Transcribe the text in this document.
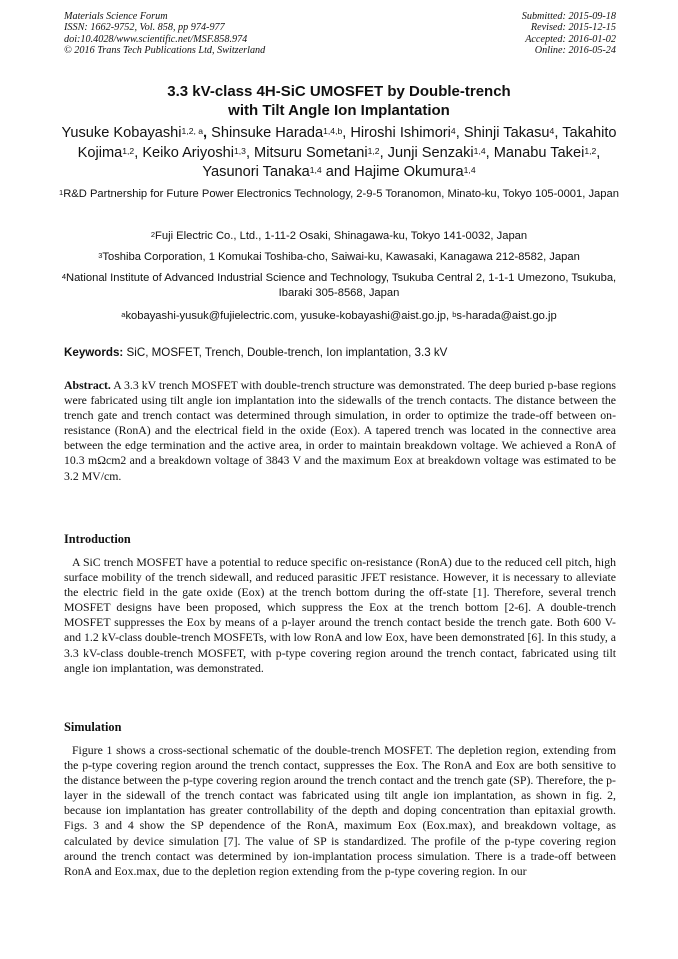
Materials Science Forum
ISSN: 1662-9752, Vol. 858, pp 974-977
doi:10.4028/www.scientific.net/MSF.858.974
© 2016 Trans Tech Publications Ltd, Switzerland
Submitted: 2015-09-18
Revised: 2015-12-15
Accepted: 2016-01-02
Online: 2016-05-24
3.3 kV-class 4H-SiC UMOSFET by Double-trench
with Tilt Angle Ion Implantation
Yusuke Kobayashi$^{1,2, a}$, Shinsuke Harada$^{1,4,b}$, Hiroshi Ishimori$^4$, Shinji Takasu$^4$, Takahito Kojima$^{1,2}$, Keiko Ariyoshi$^{1,3}$, Mitsuru Sometani$^{1,2}$, Junji Senzaki$^{1,4}$, Manabu Takei$^{1,2}$, Yasunori Tanaka$^{1,4}$ and Hajime Okumura$^{1,4}$
$^1$R&D Partnership for Future Power Electronics Technology, 2-9-5 Toranomon, Minato-ku, Tokyo 105-0001, Japan
$^2$Fuji Electric Co., Ltd., 1-11-2 Osaki, Shinagawa-ku, Tokyo 141-0032, Japan
$^3$Toshiba Corporation, 1 Komukai Toshiba-cho, Saiwai-ku, Kawasaki, Kanagawa 212-8582, Japan
$^4$National Institute of Advanced Industrial Science and Technology, Tsukuba Central 2, 1-1-1 Umezono, Tsukuba, Ibaraki 305-8568, Japan
$^a$kobayashi-yusuk@fujielectric.com, yusuke-kobayashi@aist.go.jp, $^b$s-harada@aist.go.jp
Keywords: SiC, MOSFET, Trench, Double-trench, Ion implantation, 3.3 kV
Abstract. A 3.3 kV trench MOSFET with double-trench structure was demonstrated. The deep buried p-base regions were fabricated using tilt angle ion implantation into the sidewalls of the trench contacts. The distance between the trench gate and trench contact was determined through simulation, in order to optimize the trade-off between on-resistance (RonA) and the electrical field in the oxide (Eox). A tapered trench was located in the connective area between the edge termination and the active area, in order to maintain breakdown voltage. We achieved a RonA of 10.3 mΩcm2 and a breakdown voltage of 3843 V and the maximum Eox at breakdown voltage was estimated to be 3.2 MV/cm.
Introduction
A SiC trench MOSFET have a potential to reduce specific on-resistance (RonA) due to the reduced cell pitch, high surface mobility of the trench sidewall, and reduced parasitic JFET resistance. However, it is necessary to alleviate the electric field in the gate oxide (Eox) at the trench bottom during the off-state [1]. Therefore, several trench MOSFET designs have been proposed, which suppress the Eox at the trench bottom [2-6]. A double-trench MOSFET suppresses the Eox by means of a p-layer around the trench contact beside the trench gate. Both 600 V- and 1.2 kV-class double-trench MOSFETs, with low RonA and low Eox, have been demonstrated [6]. In this study, a 3.3 kV-class double-trench MOSFET, with p-type covering region around the trench contact, fabricated using tilt angle ion implantation, was demonstrated.
Simulation
Figure 1 shows a cross-sectional schematic of the double-trench MOSFET. The depletion region, extending from the p-type covering region around the trench contact, suppresses the Eox. The RonA and Eox are both sensitive to the distance between the p-type covering region around the trench contact and the trench gate (SP). Therefore, the p-layer in the sidewall of the trench contact was fabricated using tilt angle ion implantation, as shown in fig. 2, because ion implantation has greater controllability of the depth and doping concentration than epitaxial growth. Figs. 3 and 4 show the SP dependence of the RonA, maximum Eox (Eox.max), and breakdown voltage, as calculated by device simulation [7]. The value of SP is standardized. The profile of the p-type covering region around the trench contact was determined by ion-implantation process simulation. There is a trade-off between RonA and Eox.max, due to the depletion region extending from the p-type covering region. In our
